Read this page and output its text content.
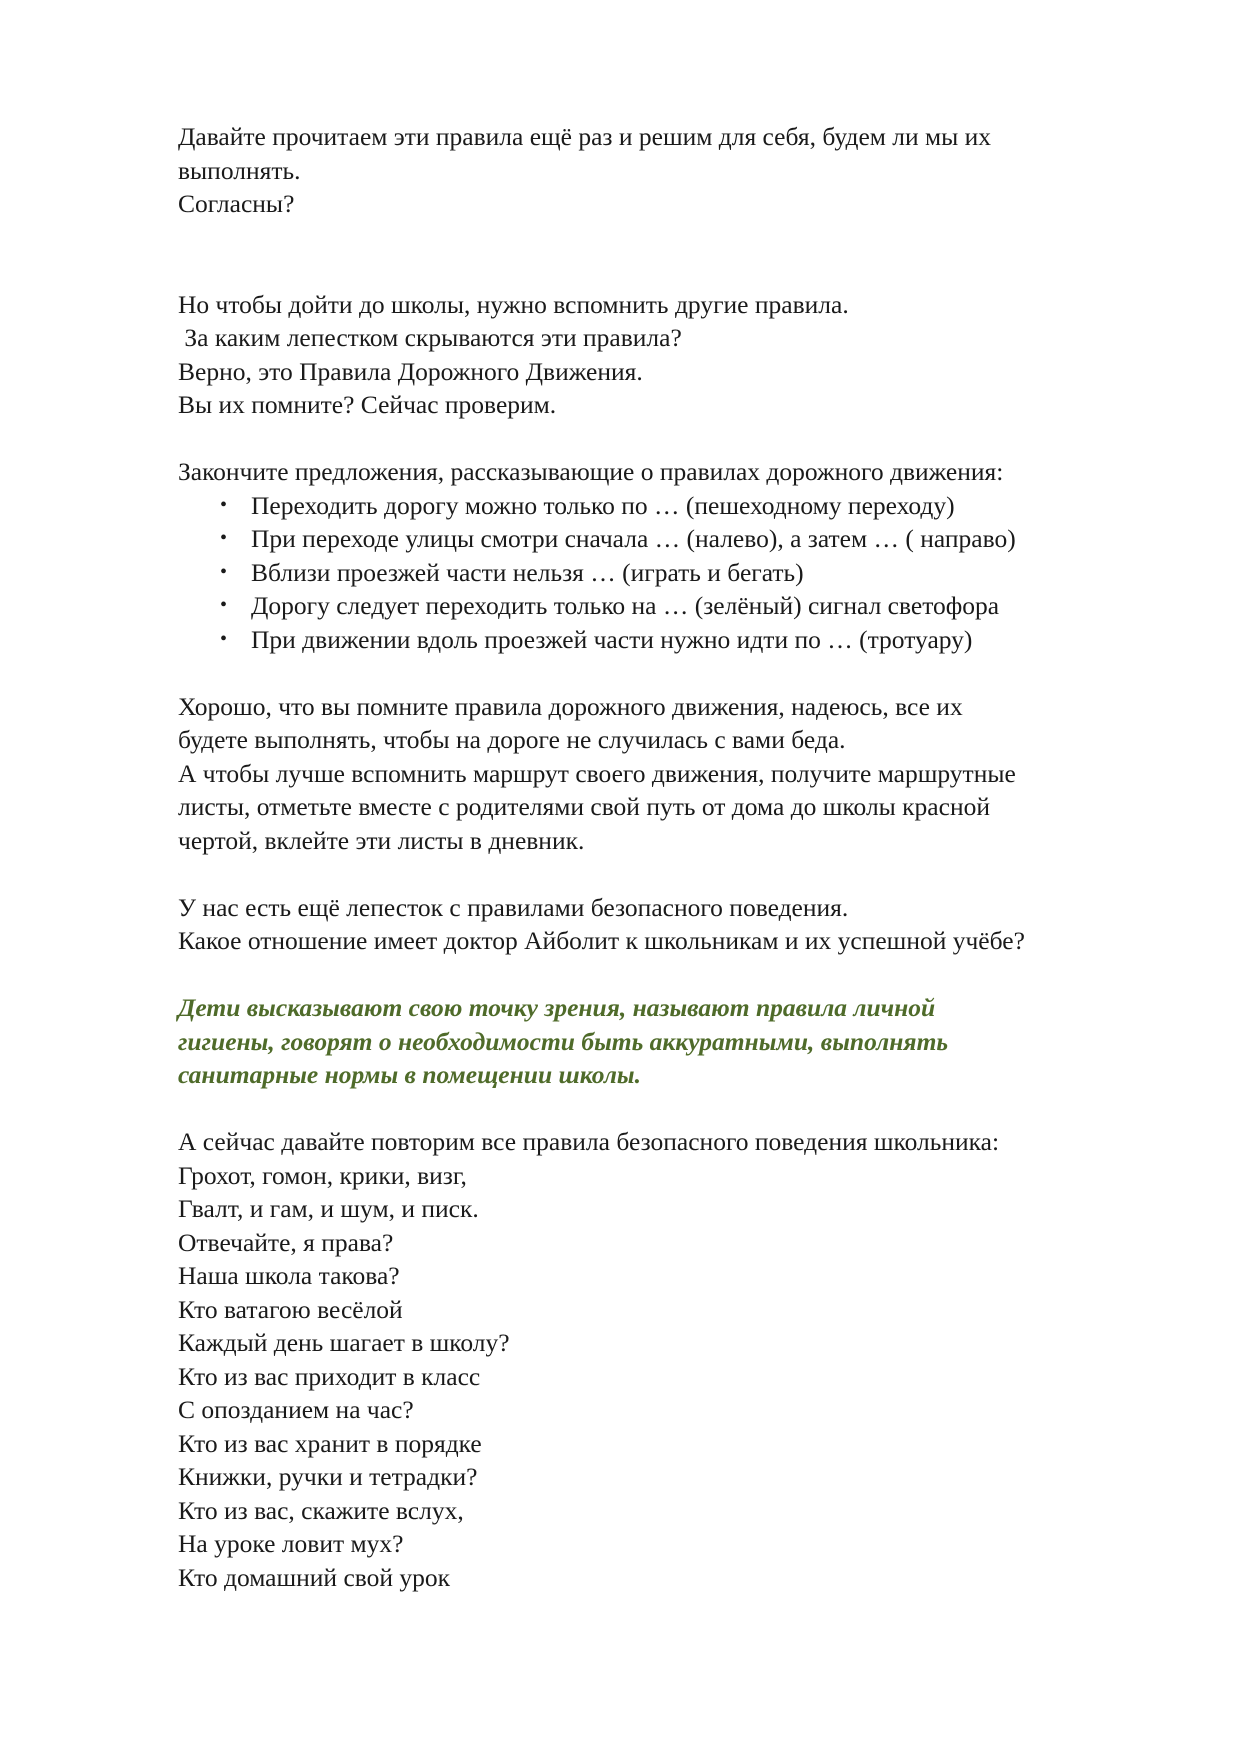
Давайте прочитаем эти правила ещё раз и решим для себя, будем ли мы их
выполнять.
Согласны?
Но чтобы дойти до школы, нужно вспомнить другие правила.
За каким лепестком скрываются эти правила?
Верно, это Правила Дорожного Движения.
Вы их помните? Сейчас проверим.
Закончите предложения, рассказывающие о правилах дорожного движения:
• Переходить дорогу можно только по … (пешеходному переходу)
• При переходе улицы смотри сначала … (налево), а затем … ( направо)
• Вблизи проезжей части нельзя … (играть и бегать)
• Дорогу следует переходить только на … (зелёный) сигнал светофора
• При движении вдоль проезжей части нужно идти по … (тротуару)
Хорошо, что вы помните правила дорожного движения, надеюсь, все их
будете выполнять, чтобы на дороге не случилась с вами беда.
А чтобы лучше вспомнить маршрут своего движения, получите маршрутные
листы, отметьте вместе с родителями свой путь от дома до школы красной
чертой, вклейте эти листы в дневник.
У нас есть ещё лепесток с правилами безопасного поведения.
Какое отношение имеет доктор Айболит к школьникам и их успешной учёбе?
Дети высказывают свою точку зрения, называют правила личной
гигиены, говорят о необходимости быть аккуратными, выполнять
санитарные нормы в помещении школы.
А сейчас давайте повторим все правила безопасного поведения школьника:
Грохот, гомон, крики, визг,
Гвалт, и гам, и шум, и писк.
Отвечайте, я права?
Наша школа такова?
Кто ватагою весёлой
Каждый день шагает в школу?
Кто из вас приходит в класс
С опозданием на час?
Кто из вас хранит в порядке
Книжки, ручки и тетрадки?
Кто из вас, скажите вслух,
На уроке ловит мух?
Кто домашний свой урок
